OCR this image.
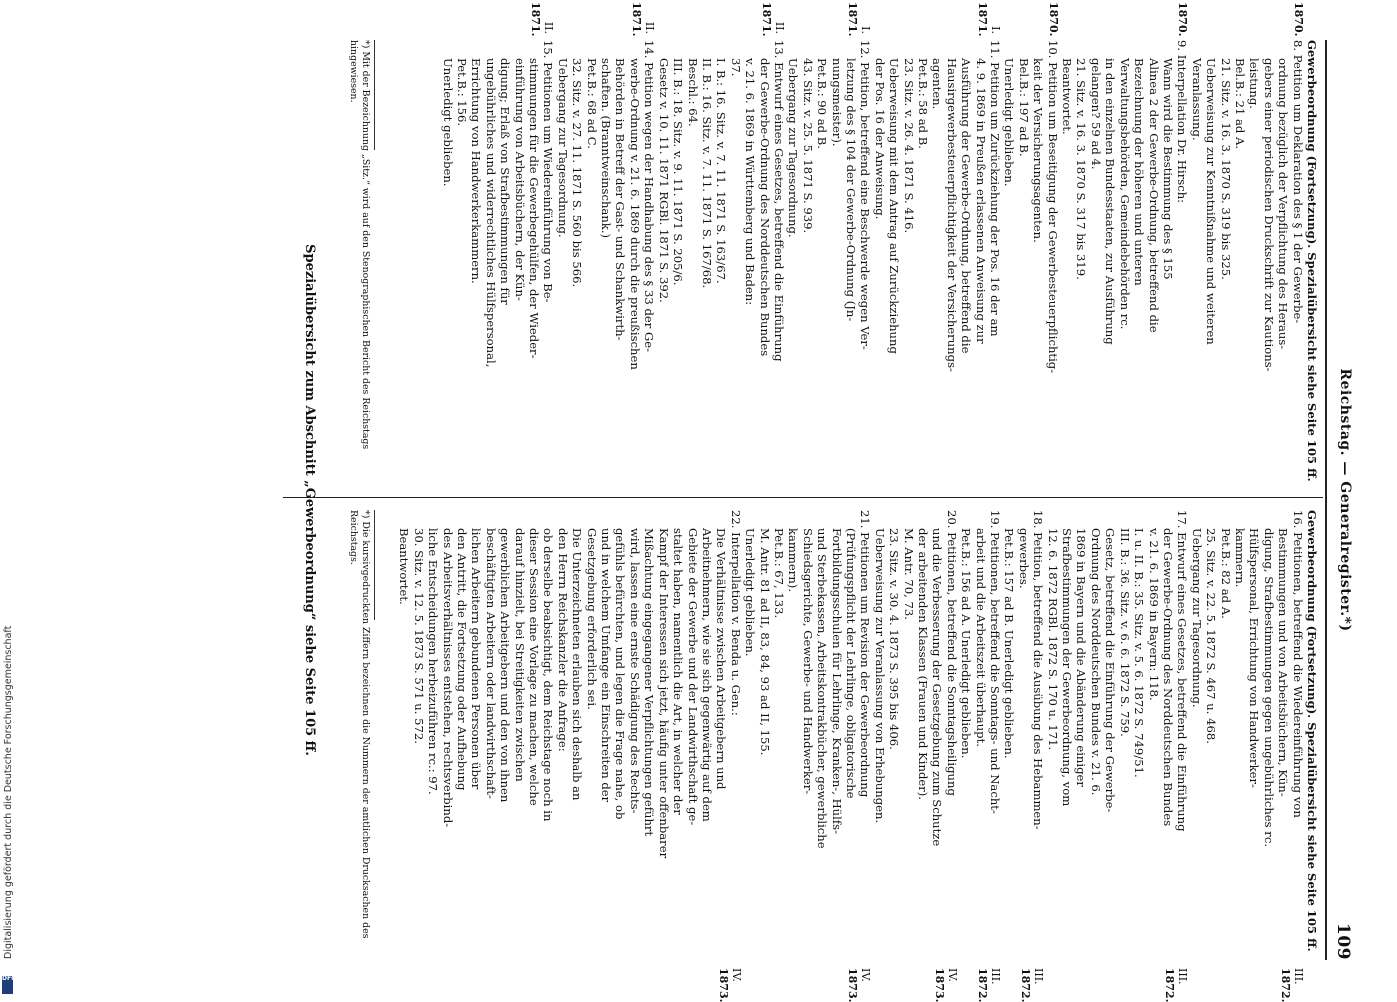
Reichstag. — Generalregister.*)
109
Gewerbeordnung (Fortsetzung). Spezialübersicht siehe Seite 105 ff.
1870.
8. Petition um Deklaration des § 1 der Gewerbe-
ordnung bezüglich der Verpflichtung des Heraus-
gebers einer periodischen Druckschrift zur Kautions-
leistung.
Bel.B.: 21 ad A.
21. Sitz. v. 16. 3. 1870 S. 319 bis 325.
Ueberweisung zur Kenntnißnahme und weiteren
Veranlassung.
1870.
9. Interpellation Dr. Hirsch:
Wann wird die Bestimmung des § 155
Alinea 2 der Gewerbe-Ordnung, betreffend die
Bezeichnung der höheren und unteren
Verwaltungsbehörden, Gemeindebehörden rc.
in den einzelnen Bundesstaaten, zur Ausführung
gelangen? 59 ad 4.
21. Sitz. v. 16. 3. 1870 S. 317 bis 319.
Beantwortet.
1870.
10. Petition um Beseitigung der Gewerbesteuerpflichtig-
keit der Versicherungsagenten.
Bel.B.: 197 ad B.
Unerledigt geblieben.
I.
1871.
11. Petition um Zurückziehung der Pos. 16 der am
4. 9. 1869 in Preußen erlassenen Anweisung zur
Ausführung der Gewerbe-Ordnung, betreffend die
Hausirgewerbesteuerpflichtigkeit der Versicherungs-
agenten.
Pet.B.: 58 ad B.
23. Sitz. v. 26. 4. 1871 S. 416.
Ueberweisung mit dem Antrag auf Zurückziehung
der Pos. 16 der Anweisung.
I.
1871.
12. Petition, betreffend eine Beschwerde wegen Ver-
letzung des § 104 der Gewerbe-Ordnung (Jn-
nungsmeister).
Pet.B.: 90 ad B.
43. Sitz. v. 25. 5. 1871 S. 939.
Uebergang zur Tagesordnung.
II.
1871.
13. Entwurf eines Gesetzes, betreffend die Einführung
der Gewerbe-Ordnung des Norddeutschen Bundes
v. 21. 6. 1869 in Württemberg und Baden:
37.
I. B.: 16. Sitz. v. 7. 11. 1871 S. 163/67.
II. B.: 16. Sitz. v. 7. 11. 1871 S. 167/68.
Beschl.: 64.
III. B.: 18. Sitz. v. 9. 11. 1871 S. 205/6.
Gesetz v. 10. 11. 1871 RGBl. 1871 S. 392.
II.
1871.
14. Petition wegen der Handhabung des § 33 der Ge-
werbe-Ordnung v. 21. 6. 1869 durch die preußischen
Behörden in Betreff der Gast- und Schankwirth-
schaften. (Branntweinschank.)
Pet.B.: 68 ad C.
32. Sitz. v. 27. 11. 1871 S. 560 bis 566.
Uebergang zur Tagesordnung.
II.
1871.
15. Petitionen um Wiedereinführung von Be-
stimmungen für die Gewerbegehülfen, der Wieder-
einführung von Arbeitsbüchern, der Kün-
digung; Erlaß von Strafbestimmungen für
ungebührliches und widerrechtliches Hülfspersonal,
Errichtung von Handwerkerkammern.
Pet.B.: 156.
Unerledigt geblieben.
Gewerbeordnung (Fortsetzung). Spezialübersicht siehe Seite 105 ff.
III.
1872.
16. Petitionen, betreffend die Wiedereinführung von
Bestimmungen und von Arbeitsbüchern, Kün-
digung, Strafbestimmungen gegen ungebührliches rc.
Hülfspersonal, Errichtung von Handwerker-
kammern.
Pet.B.: 82 ad A.
25. Sitz. v. 22. 5. 1872 S. 467 u. 468.
Uebergang zur Tagesordnung.
III.
1872.
17. Entwurf eines Gesetzes, betreffend die Einführung
der Gewerbe-Ordnung des Norddeutschen Bundes
v. 21. 6. 1869 in Bayern: 118.
I. u. II. B.: 35. Sitz. v. 5. 6. 1872 S. 749/51.
III. B.: 36. Sitz. v. 6. 6. 1872 S. 759.
Gesetz, betreffend die Einführung der Gewerbe-
Ordnung des Norddeutschen Bundes v. 21. 6.
1869 in Bayern und die Abänderung einiger
Strafbestimmungen der Gewerbeordnung, vom
12. 6. 1872 RGBl. 1872 S. 170 u. 171.
III.
1872.
18. Petition, betreffend die Ausübung des Hebammen-
gewerbes.
Pet.B.: 157 ad B. Unerledigt geblieben.
III.
1872.
19. Petitionen, betreffend die Sonntags- und Nacht-
arbeit und die Arbeitszeit überhaupt.
Pet.B.: 156 ad A. Unerledigt geblieben.
IV.
1873.
20. Petitionen, betreffend die Sonntagsheiligung
und die Verbesserung der Gesetzgebung zum Schutze
der arbeitenden Klassen (Frauen und Kinder).
M. Antr. 70, 73.
23. Sitz. v. 30. 4. 1873 S. 395 bis 406.
Ueberweisung zur Veranlassung von Erhebungen.
IV.
1873.
21. Petitionen um Revision der Gewerbeordnung
(Prüfungspflicht der Lehrlinge, obligatorische
Fortbildungsschulen für Lehrlinge, Kranken-, Hülfs-
und Sterbekassen, Arbeitskontrakbücher, gewerbliche
Schiedsgerichte, Gewerbe- und Handwerker-
kammern).
Pet.B.: 67, 133.
M. Antr. 81 ad II, 83, 84, 93 ad II, 155.
Unerledigt geblieben.
IV.
1873.
22. Interpellation v. Benda u. Gen.:
Die Verhältnisse zwischen Arbeitgebern und
Arbeitnehmern, wie sie sich gegenwärtig auf dem
Gebiete der Gewerbe und der Landwirthschaft ge-
staltet haben, namentlich die Art, in welcher der
Kampf der Interessen sich jetzt, häufig unter offenbarer
Mißachtung eingegangener Verpflichtungen geführt
wird, lassen eine ernste Schädigung des Rechts-
gefühls befürchten, und legen die Frage nahe, ob
und in welchem Umfange ein Einschreiten der
Gesetzgebung erforderlich sei.
Die Unterzeichneten erlauben sich deshalb an
den Herrn Reichskanzler die Anfrage:
ob derselbe beabsichtigt, dem Reichstage noch in
dieser Session eine Vorlage zu machen, welche
darauf hinzielt, bei Streitigkeiten zwischen
gewerblichen Arbeitgebern und den von ihnen
beschäftigten Arbeitern oder landwirthschaft-
lichen Arbeitern gebundenen Personen über
den Antritt, die Fortsetzung oder Aufhebung
des Arbeitsverhältnisses entstehen, rechtsverbind-
liche Entscheidungen herbeizuführen rc.: 97.
30. Sitz. v. 12. 5. 1873 S. 571 u. 572.
Beantwortet.
*) Mit der Bezeichnung „Sitz.“ wird auf den Stenographischen Bericht des Reichstags hingewiesen.
*) Die kursivgedruckten Ziffern bezeichnen die Nummern der amtlichen Drucksachen des Reichstags.
Spezialübersicht zum Abschnitt „Gewerbeordnung“ siehe Seite 105 ff.
Digitalisierung gefördert durch die Deutsche Forschungsgemeinschaft
DFG
